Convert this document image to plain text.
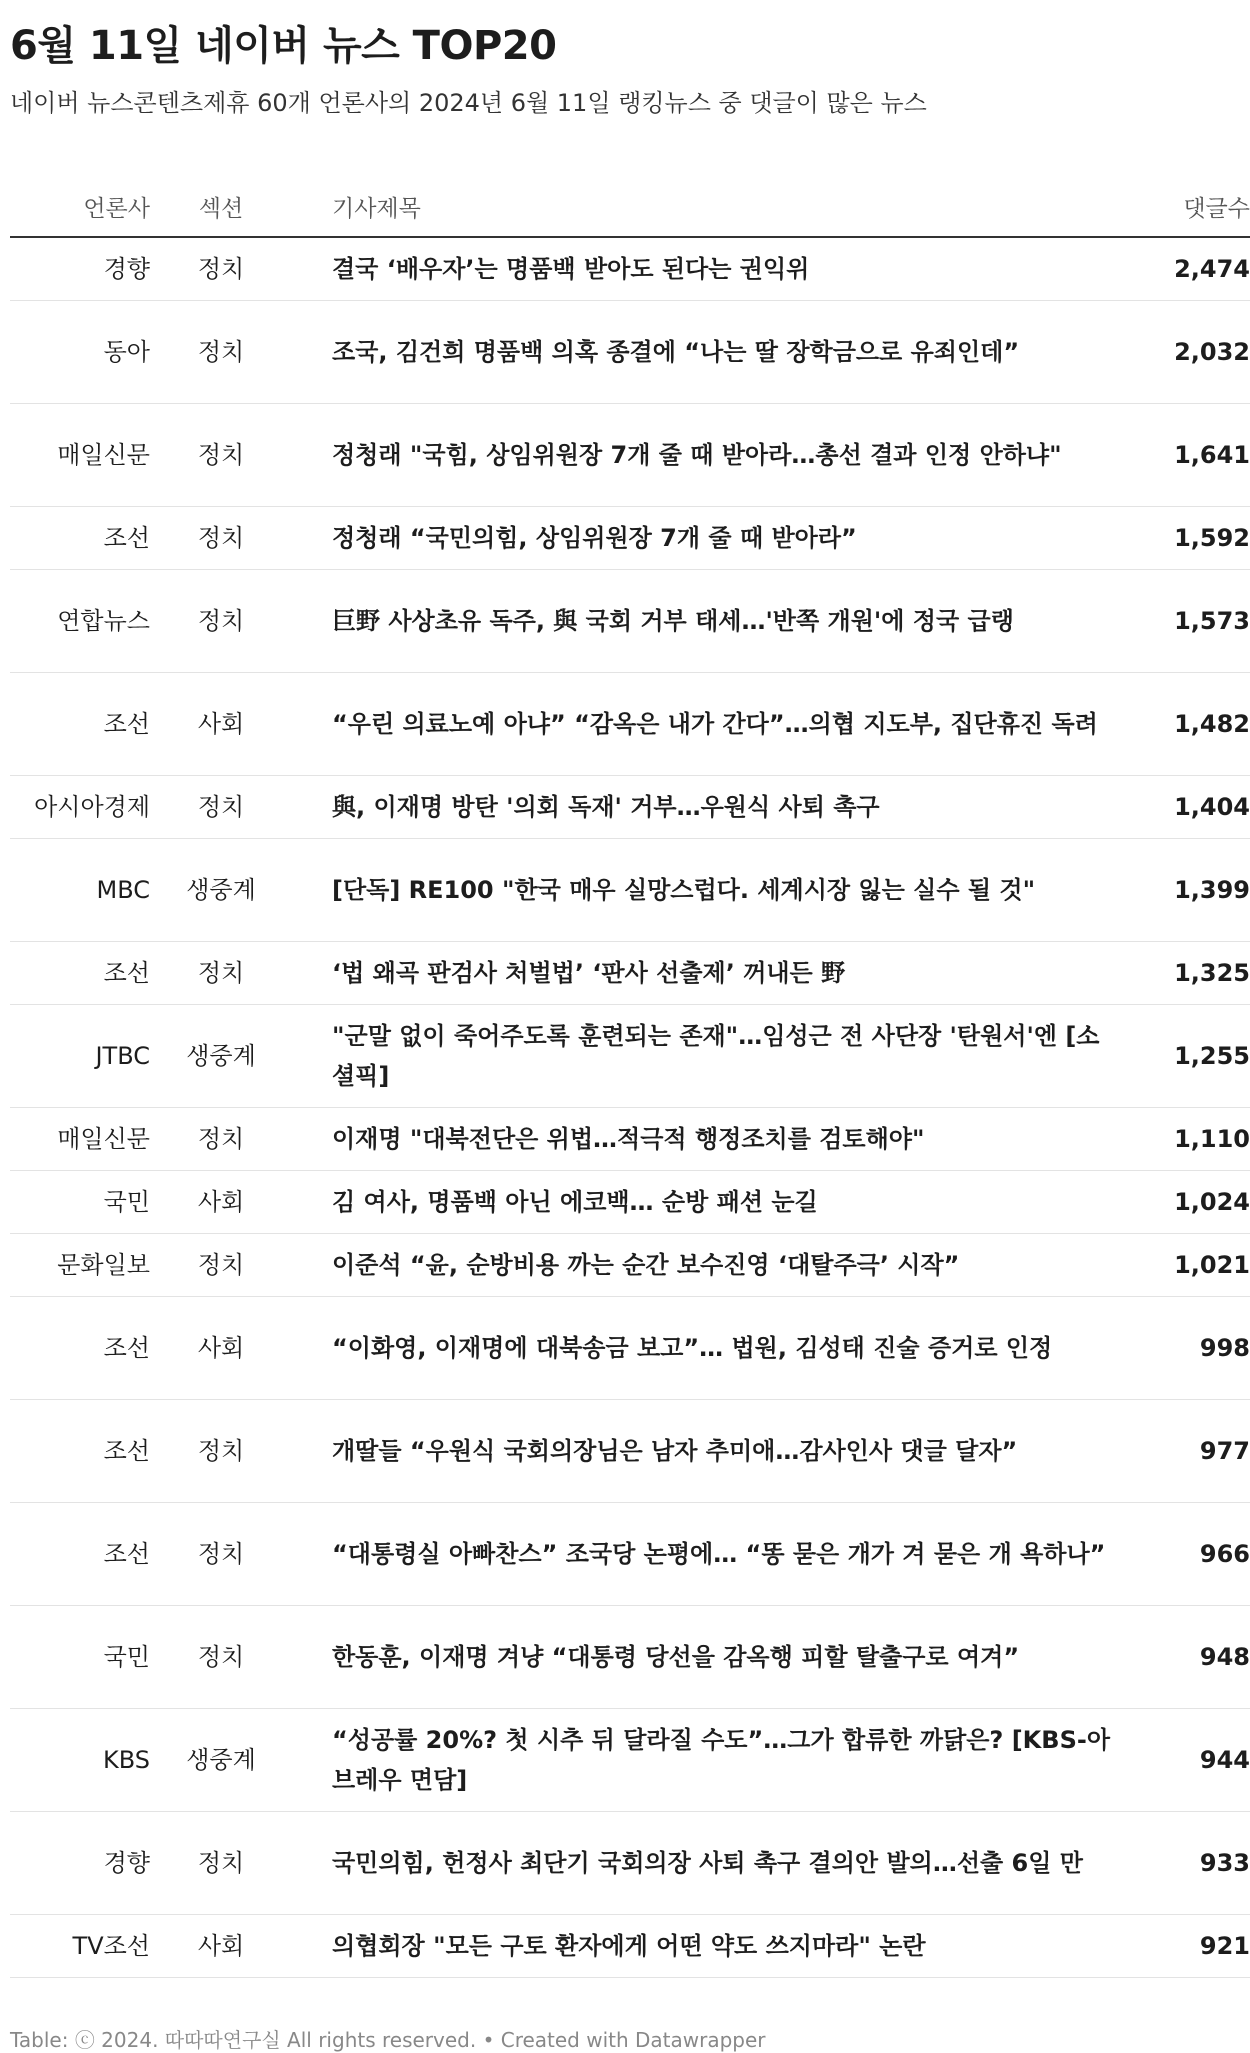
6월 11일 네이버 뉴스 TOP20
네이버 뉴스콘텐츠제휴 60개 언론사의 2024년 6월 11일 랭킹뉴스 중 댓글이 많은 뉴스
언론사	섹션	기사제목	댓글수
경향	정치	결국 ‘배우자’는 명품백 받아도 된다는 권익위	2,474
동아	정치	조국, 김건희 명품백 의혹 종결에 “나는 딸 장학금으로 유죄인데”	2,032
매일신문	정치	정청래 "국힘, 상임위원장 7개 줄 때 받아라…총선 결과 인정 안하냐"	1,641
조선	정치	정청래 “국민의힘, 상임위원장 7개 줄 때 받아라”	1,592
연합뉴스	정치	巨野 사상초유 독주, 與 국회 거부 태세…'반쪽 개원'에 정국 급랭	1,573
조선	사회	“우린 의료노예 아냐” “감옥은 내가 간다”…의협 지도부, 집단휴진 독려	1,482
아시아경제	정치	與, 이재명 방탄 '의회 독재' 거부…우원식 사퇴 촉구	1,404
MBC	생중계	[단독] RE100 "한국 매우 실망스럽다. 세계시장 잃는 실수 될 것"	1,399
조선	정치	‘법 왜곡 판검사 처벌법’ ‘판사 선출제’ 꺼내든 野	1,325
JTBC	생중계	"군말 없이 죽어주도록 훈련되는 존재"…임성근 전 사단장 '탄원서'엔 [소셜픽]	1,255
매일신문	정치	이재명 "대북전단은 위법…적극적 행정조치를 검토해야"	1,110
국민	사회	김 여사, 명품백 아닌 에코백… 순방 패션 눈길	1,024
문화일보	정치	이준석 “윤, 순방비용 까는 순간 보수진영 ‘대탈주극’ 시작”	1,021
조선	사회	“이화영, 이재명에 대북송금 보고”… 법원, 김성태 진술 증거로 인정	998
조선	정치	개딸들 “우원식 국회의장님은 남자 추미애…감사인사 댓글 달자”	977
조선	정치	“대통령실 아빠찬스” 조국당 논평에… “똥 묻은 개가 겨 묻은 개 욕하나”	966
국민	정치	한동훈, 이재명 겨냥 “대통령 당선을 감옥행 피할 탈출구로 여겨”	948
KBS	생중계	“성공률 20%? 첫 시추 뒤 달라질 수도”…그가 합류한 까닭은? [KBS-아브레우 면담]	944
경향	정치	국민의힘, 헌정사 최단기 국회의장 사퇴 촉구 결의안 발의…선출 6일 만	933
TV조선	사회	의협회장 "모든 구토 환자에게 어떤 약도 쓰지마라" 논란	921
Table: ⓒ 2024. 따따따연구실 All rights reserved. • Created with Datawrapper
